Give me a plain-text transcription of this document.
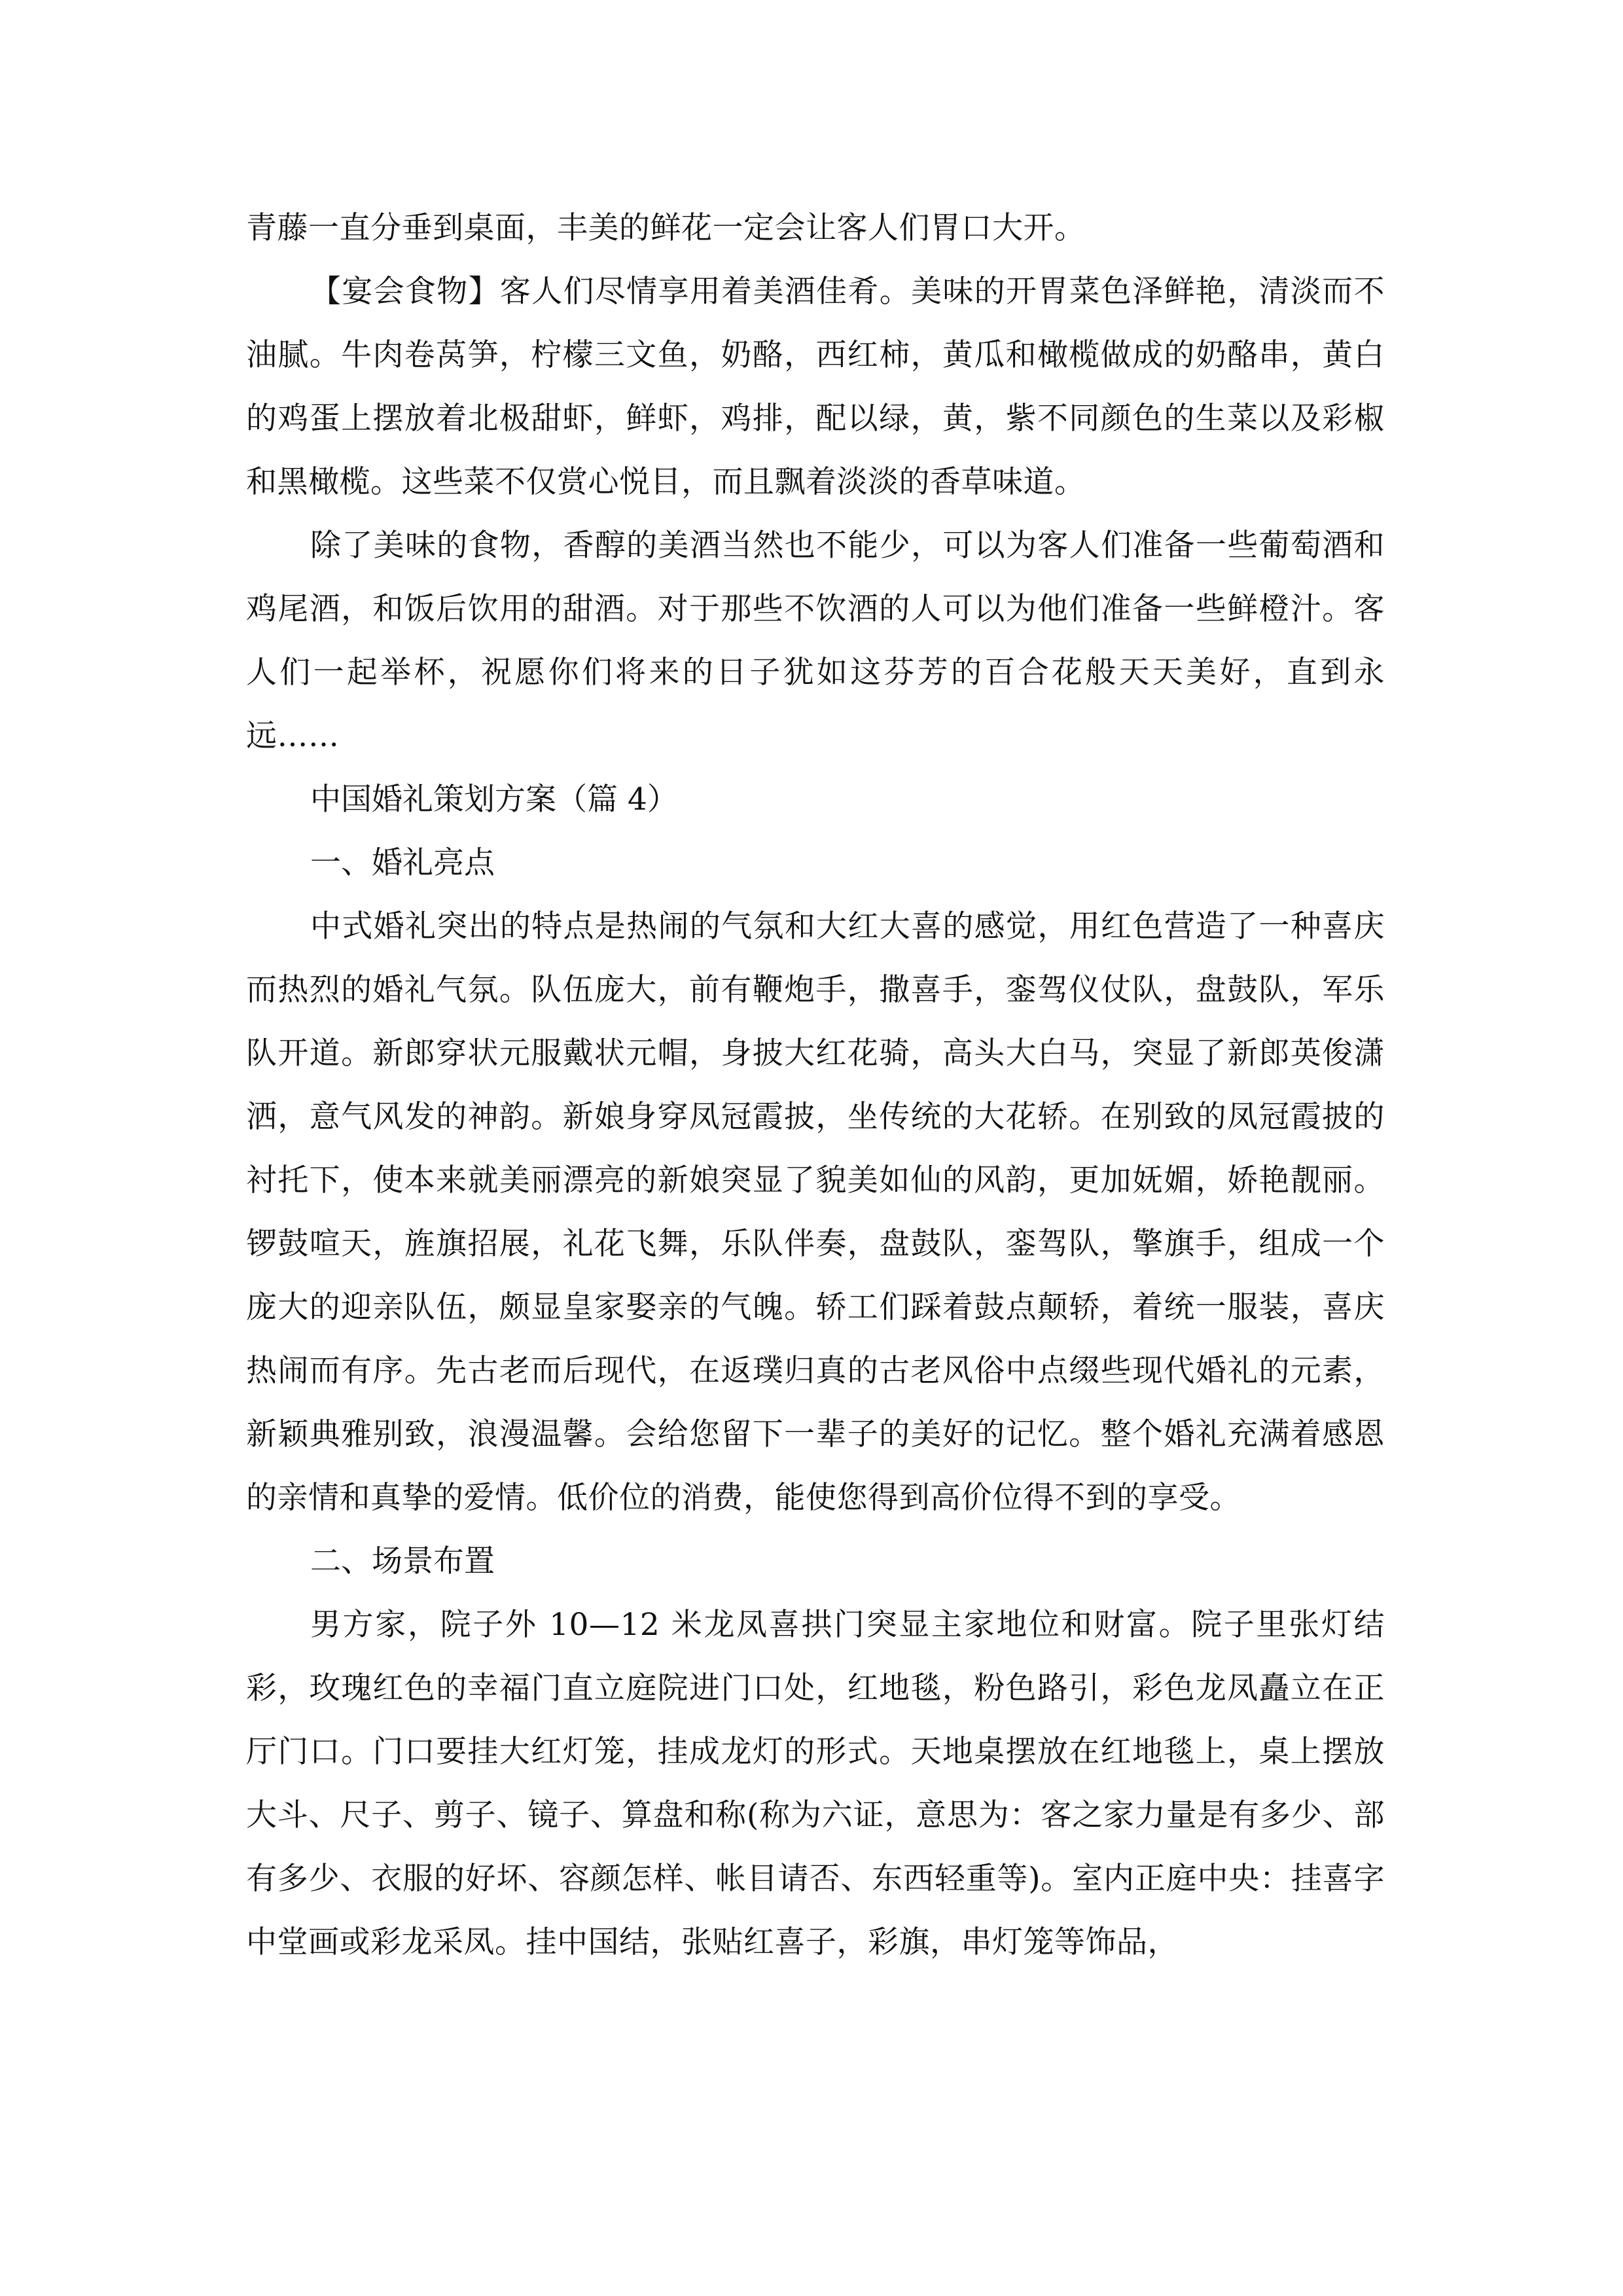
青藤一直分垂到桌面，丰美的鲜花一定会让客人们胃口大开。

【宴会食物】客人们尽情享用着美酒佳肴。美味的开胃菜色泽鲜艳，清淡而不油腻。牛肉卷莴笋，柠檬三文鱼，奶酪，西红柿，黄瓜和橄榄做成的奶酪串，黄白的鸡蛋上摆放着北极甜虾，鲜虾，鸡排，配以绿，黄，紫不同颜色的生菜以及彩椒和黑橄榄。这些菜不仅赏心悦目，而且飘着淡淡的香草味道。

除了美味的食物，香醇的美酒当然也不能少，可以为客人们准备一些葡萄酒和鸡尾酒，和饭后饮用的甜酒。对于那些不饮酒的人可以为他们准备一些鲜橙汁。客人们一起举杯，祝愿你们将来的日子犹如这芬芳的百合花般天天美好，直到永远……

中国婚礼策划方案（篇 4）

一、婚礼亮点

中式婚礼突出的特点是热闹的气氛和大红大喜的感觉，用红色营造了一种喜庆而热烈的婚礼气氛。队伍庞大，前有鞭炮手，撒喜手，銮驾仪仗队，盘鼓队，军乐队开道。新郎穿状元服戴状元帽，身披大红花骑，高头大白马，突显了新郎英俊潇洒，意气风发的神韵。新娘身穿凤冠霞披，坐传统的大花轿。在别致的凤冠霞披的衬托下，使本来就美丽漂亮的新娘突显了貌美如仙的风韵，更加妩媚，娇艳靓丽。锣鼓喧天，旌旗招展，礼花飞舞，乐队伴奏，盘鼓队，銮驾队，擎旗手，组成一个庞大的迎亲队伍，颇显皇家娶亲的气魄。轿工们踩着鼓点颠轿，着统一服装，喜庆热闹而有序。先古老而后现代，在返璞归真的古老风俗中点缀些现代婚礼的元素，新颖典雅别致，浪漫温馨。会给您留下一辈子的美好的记忆。整个婚礼充满着感恩的亲情和真挚的爱情。低价位的消费，能使您得到高价位得不到的享受。

二、场景布置

男方家，院子外 10—12 米龙凤喜拱门突显主家地位和财富。院子里张灯结彩，玫瑰红色的幸福门直立庭院进门口处，红地毯，粉色路引，彩色龙凤矗立在正厅门口。门口要挂大红灯笼，挂成龙灯的形式。天地桌摆放在红地毯上，桌上摆放大斗、尺子、剪子、镜子、算盘和称(称为六证，意思为：客之家力量是有多少、部有多少、衣服的好坏、容颜怎样、帐目请否、东西轻重等)。室内正庭中央：挂喜字中堂画或彩龙采凤。挂中国结，张贴红喜子，彩旗，串灯笼等饰品，
